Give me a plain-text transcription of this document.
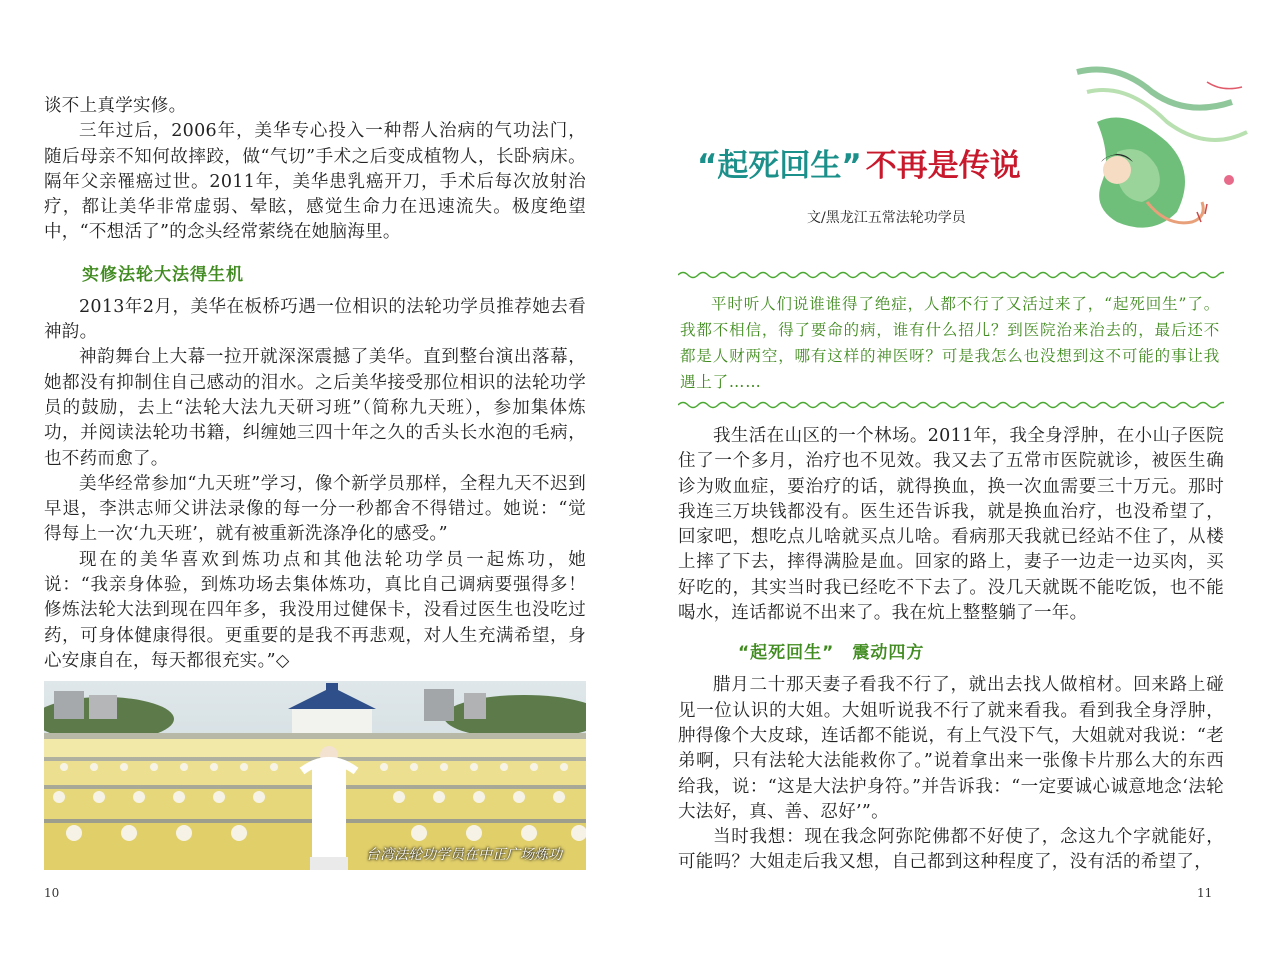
谈不上真学实修。

三年过后，2006年，美华专心投入一种帮人治病的气功法门，随后母亲不知何故摔跤，做“气切”手术之后变成植物人，长卧病床。隔年父亲罹癌过世。2011年，美华患乳癌开刀，手术后每次放射治疗，都让美华非常虚弱、晕眩，感觉生命力在迅速流失。极度绝望中，“不想活了”的念头经常萦绕在她脑海里。

实修法轮大法得生机

2013年2月，美华在板桥巧遇一位相识的法轮功学员推荐她去看神韵。

神韵舞台上大幕一拉开就深深震撼了美华。直到整台演出落幕，她都没有抑制住自己感动的泪水。之后美华接受那位相识的法轮功学员的鼓励，去上“法轮大法九天研习班”（简称九天班），参加集体炼功，并阅读法轮功书籍，纠缠她三四十年之久的舌头长水泡的毛病，也不药而愈了。

美华经常参加“九天班”学习，像个新学员那样，全程九天不迟到早退，李洪志师父讲法录像的每一分一秒都舍不得错过。她说：“觉得每上一次‘九天班’，就有被重新洗涤净化的感受。”

现在的美华喜欢到炼功点和其他法轮功学员一起炼功，她说：“我亲身体验，到炼功场去集体炼功，真比自己调病要强得多！修炼法轮大法到现在四年多，我没用过健保卡，没看过医生也没吃过药，可身体健康得很。更重要的是我不再悲观，对人生充满希望，身心安康自在，每天都很充实。”◇

台湾法轮功学员在中正广场炼功
10
“起死回生” 不再是传说
文/黑龙江五常法轮功学员
平时听人们说谁谁得了绝症，人都不行了又活过来了，“起死回生”了。我都不相信，得了要命的病，谁有什么招儿？到医院治来治去的，最后还不都是人财两空，哪有这样的神医呀？可是我怎么也没想到这不可能的事让我遇上了……

我生活在山区的一个林场。2011年，我全身浮肿，在小山子医院住了一个多月，治疗也不见效。我又去了五常市医院就诊，被医生确诊为败血症，要治疗的话，就得换血，换一次血需要三十万元。那时我连三万块钱都没有。医生还告诉我，就是换血治疗，也没希望了，回家吧，想吃点儿啥就买点儿啥。看病那天我就已经站不住了，从楼上摔了下去，摔得满脸是血。回家的路上，妻子一边走一边买肉，买好吃的，其实当时我已经吃不下去了。没几天就既不能吃饭，也不能喝水，连话都说不出来了。我在炕上整整躺了一年。

“起死回生”　震动四方

腊月二十那天妻子看我不行了，就出去找人做棺材。回来路上碰见一位认识的大姐。大姐听说我不行了就来看我。看到我全身浮肿，肿得像个大皮球，连话都不能说，有上气没下气，大姐就对我说：“老弟啊，只有法轮大法能救你了。”说着拿出来一张像卡片那么大的东西给我，说：“这是大法护身符。”并告诉我：“一定要诚心诚意地念‘法轮大法好，真、善、忍好’”。

当时我想：现在我念阿弥陀佛都不好使了，念这九个字就能好，可能吗？大姐走后我又想，自己都到这种程度了，没有活的希望了，

11
